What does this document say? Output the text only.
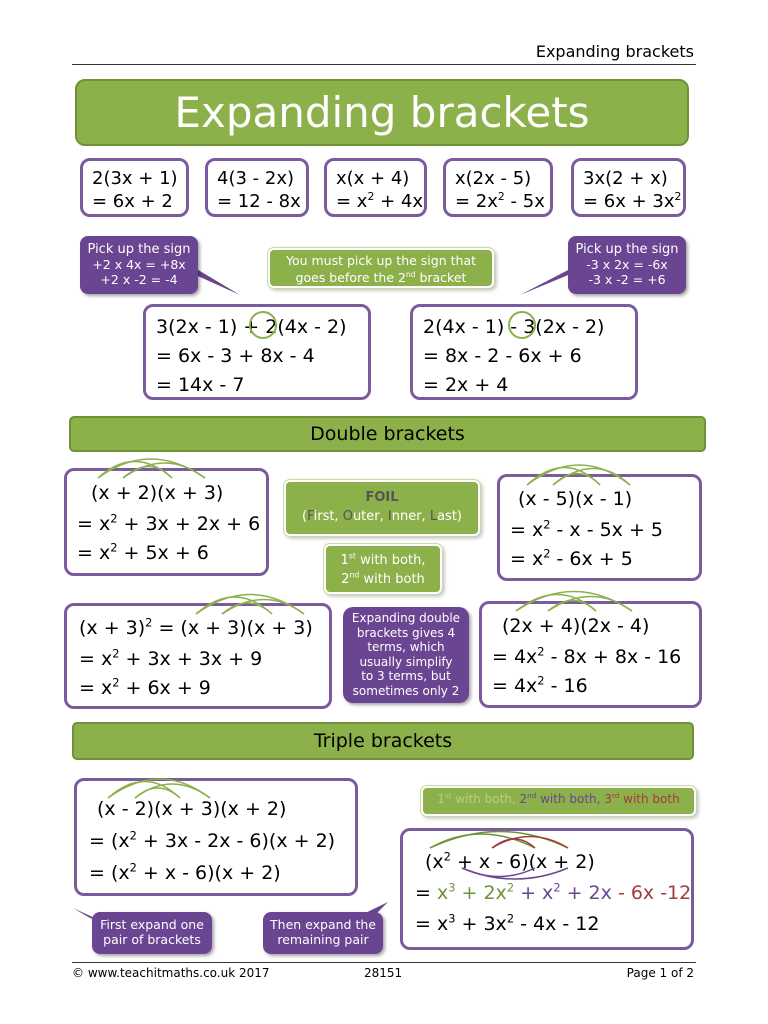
Expanding brackets
Expanding brackets
2(3x + 1)
= 6x + 2
4(3 - 2x)
= 12 - 8x
x(x + 4)
= $x^2 + 4x$
x(2x - 5)
= $2x^2 - 5x$
3x(2 + x)
= $6x + 3x^2$
Pick up the sign
+2 x 4x = +8x
+2 x -2 = -4
Pick up the sign
-3 x 2x = -6x
-3 x -2 = +6
You must pick up the sign that
goes before the 2nd bracket
3(2x - 1) + 2(4x - 2)
= 6x - 3 + 8x - 4
= 14x - 7
2(4x - 1) - 3(2x - 2)
= 8x - 2 - 6x + 6
= 2x + 4
Double brackets
(x + 2)(x + 3)
= $x^2 + 3x + 2x + 6$
= $x^2 + 5x + 6$
(x - 5)(x - 1)
= $x^2 - x - 5x + 5$
= $x^2 - 6x + 5$
$(x + 3)^2 = (x + 3)(x + 3)$
= $x^2 + 3x + 3x + 9$
= $x^2 + 6x + 9$
(2x + 4)(2x - 4)
= $4x^2 - 8x + 8x - 16$
= $4x^2 - 16$
FOIL
(First, Outer, Inner, Last)
1st with both,
2nd with both
Expanding double
brackets gives 4
terms, which
usually simplify
to 3 terms, but
sometimes only 2
Triple brackets
(x - 2)(x + 3)(x + 2)
= $(x^2 + 3x - 2x - 6)(x + 2)$
= $(x^2 + x - 6)(x + 2)$
1st with both, 2nd with both, 3rd with both
$(x^2 + x - 6)(x + 2)$
= $x^3 + 2x^2 + x^2 + 2x - 6x$ -12
= $x^3 + 3x^2 - 4x - 12$
First expand one
pair of brackets
Then expand the
remaining pair
© www.teachitmaths.co.uk 2017	28151	Page 1 of 2
